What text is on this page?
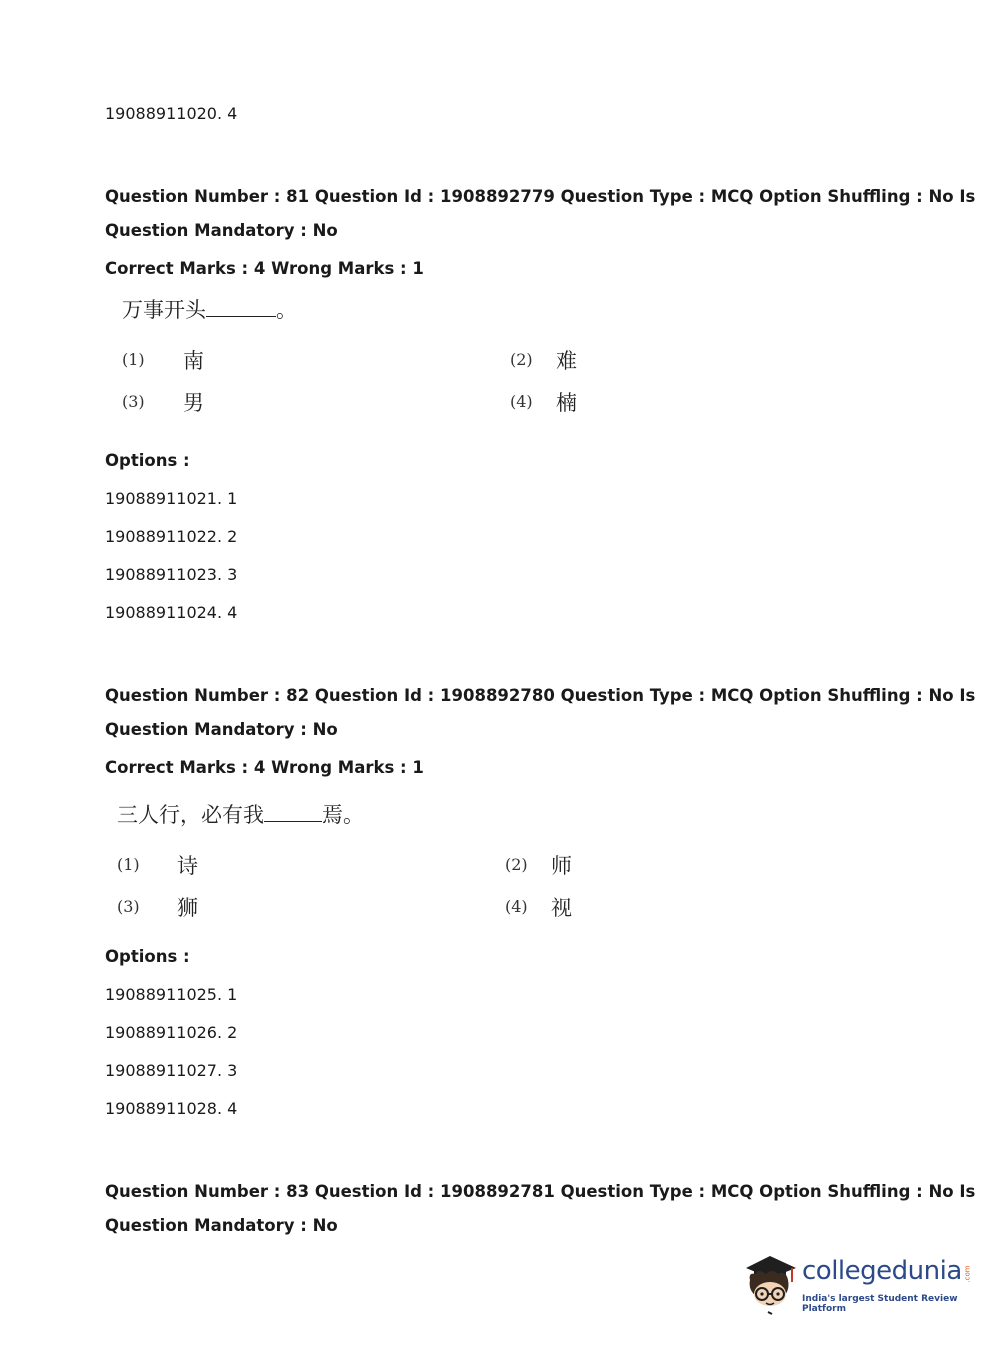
19088911020. 4
Question Number : 81 Question Id : 1908892779 Question Type : MCQ Option Shuffling : No Is
Question Mandatory : No
Correct Marks : 4 Wrong Marks : 1
万事开头	。
(1) 南	(2) 难
(3) 男	(4) 楠
Options :
19088911021. 1
19088911022. 2
19088911023. 3
19088911024. 4
Question Number : 82 Question Id : 1908892780 Question Type : MCQ Option Shuffling : No Is
Question Mandatory : No
Correct Marks : 4 Wrong Marks : 1
三人行，必有我	焉。
(1) 诗	(2) 师
(3) 狮	(4) 视
Options :
19088911025. 1
19088911026. 2
19088911027. 3
19088911028. 4
Question Number : 83 Question Id : 1908892781 Question Type : MCQ Option Shuffling : No Is
Question Mandatory : No
collegedunia .com
India's largest Student Review Platform
